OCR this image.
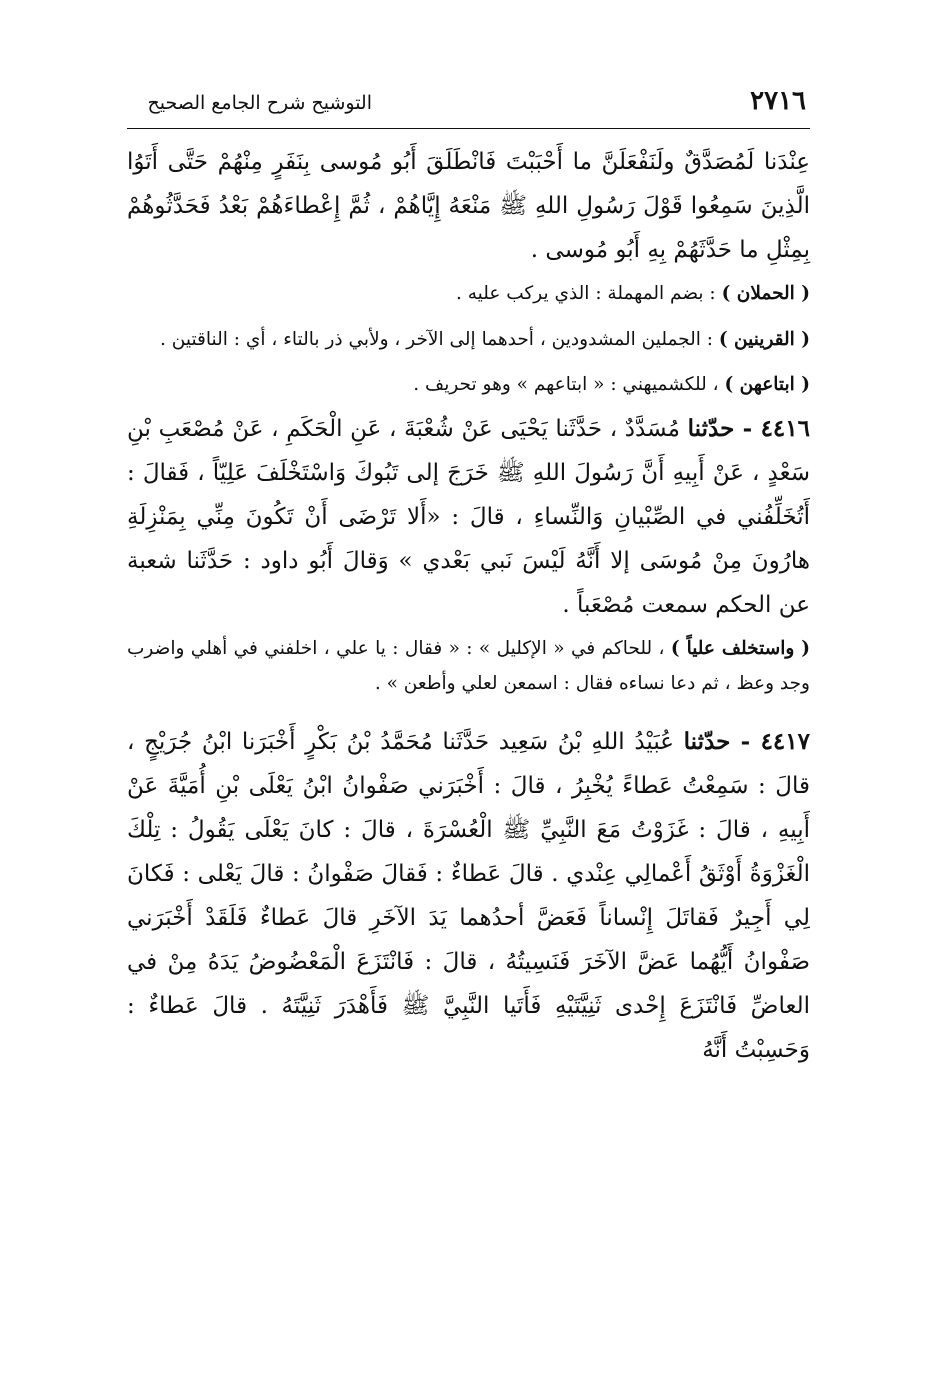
٢٧١٦
التوشيح شرح الجامع الصحيح

عِنْدَنا لَمُصَدَّقٌ ولَنَفْعَلَنَّ ما أَحْبَبْتَ فَانْطَلَقَ أَبُو مُوسى بِنَفَرٍ مِنْهُمْ حَتَّى أَتَوُا الَّذِينَ سَمِعُوا قَوْلَ رَسُولِ اللهِ ﷺ مَنْعَهُ إِيَّاهُمْ ، ثُمَّ إِعْطاءَهُمْ بَعْدُ فَحَدَّثُوهُمْ بِمِثْلِ ما حَدَّثَهُمْ بِهِ أَبُو مُوسى .

( الحملان ) : بضم المهملة : الذي يركب عليه .

( القرينين ) : الجملين المشدودين ، أحدهما إلى الآخر ، ولأبي ذر بالتاء ، أي : الناقتين .

( ابتاعهن ) ، للكشميهني : « ابتاعهم » وهو تحريف .

٤٤١٦ - حدّثنا مُسَدَّدٌ ، حَدَّثَنا يَحْيَى عَنْ شُعْبَةَ ، عَنِ الْحَكَمِ ، عَنْ مُصْعَبِ بْنِ سَعْدٍ ، عَنْ أَبِيهِ أَنَّ رَسُولَ اللهِ ﷺ خَرَجَ إلى تَبُوكَ وَاسْتَخْلَفَ عَلِيّاً ، فَقالَ : أَتُخَلِّفُني في الصِّبْيانِ وَالنِّساءِ ، قالَ : «أَلا تَرْضَى أَنْ تَكُونَ مِنِّي بِمَنْزِلَةِ هارُونَ مِنْ مُوسَى إلا أَنَّهُ لَيْسَ نَبي بَعْدي » وَقالَ أَبُو داود : حَدَّثَنا شعبة عن الحكم سمعت مُصْعَباً .

( واستخلف علياً ) ، للحاكم في « الإكليل » : « فقال : يا علي ، اخلفني في أهلي واضرب وجد وعظ ، ثم دعا نساءه فقال : اسمعن لعلي وأطعن » .

٤٤١٧ - حدّثنا عُبَيْدُ اللهِ بْنُ سَعِيد حَدَّثَنا مُحَمَّدُ بْنُ بَكْرٍ أَخْبَرَنا ابْنُ جُرَيْجٍ ، قالَ : سَمِعْتُ عَطاءً يُخْبِرُ ، قالَ : أَخْبَرَني صَفْوانُ ابْنُ يَعْلَى بْنِ أُمَيَّةَ عَنْ أَبِيهِ ، قالَ : غَزَوْتُ مَعَ النَّبِيِّ ﷺ الْعُسْرَةَ ، قالَ : كانَ يَعْلَى يَقُولُ : تِلْكَ الْغَزْوَةُ أَوْثَقُ أَعْمالِي عِنْدي . قالَ عَطاءٌ : فَقالَ صَفْوانُ : قالَ يَعْلى : فَكانَ لِي أَجِيرٌ فَقاتَلَ إِنْساناً فَعَضَّ أحدُهما يَدَ الآخَرِ قالَ عَطاءٌ فَلَقَدْ أَخْبَرَني صَفْوانُ أَيُّهُما عَضَّ الآخَرَ فَنَسِيتُهُ ، قالَ : فَانْتَزَعَ الْمَعْضُوضُ يَدَهُ مِنْ في العاضِّ فَانْتَزَعَ إِحْدى ثَنِيَّتَيْهِ فَأَتَيا النَّبِيَّ ﷺ فَأَهْدَرَ ثَنِيَّتَهُ . قالَ عَطاءٌ : وَحَسِبْتُ أَنَّهُ
